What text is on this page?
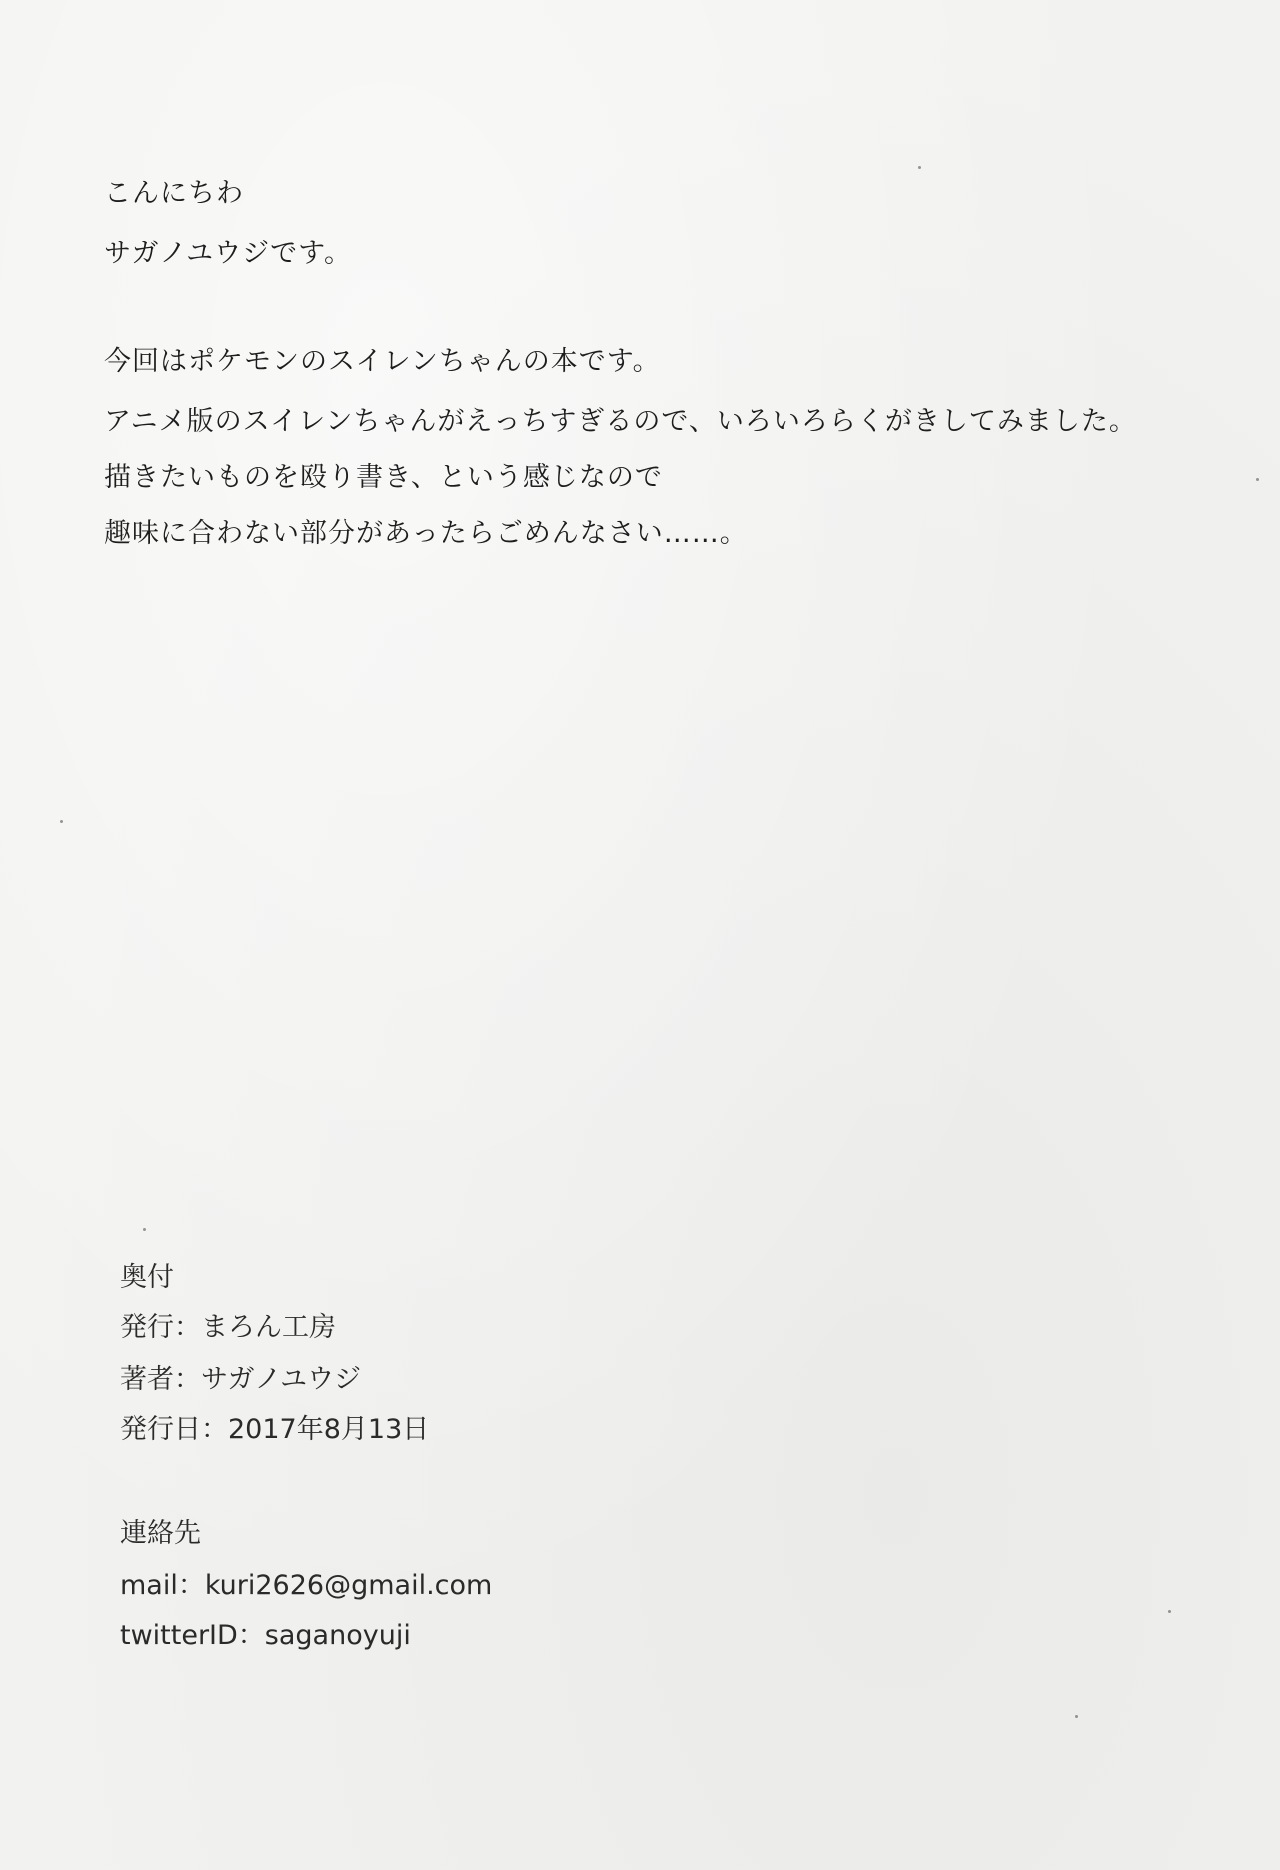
こんにちわ
サガノユウジです。
今回はポケモンのスイレンちゃんの本です。
アニメ版のスイレンちゃんがえっちすぎるので、いろいろらくがきしてみました。
描きたいものを殴り書き、という感じなので
趣味に合わない部分があったらごめんなさい……。
奥付
発行：まろん工房
著者：サガノユウジ
発行日：2017年8月13日
連絡先
mail：kuri2626@gmail.com
twitterID：saganoyuji
